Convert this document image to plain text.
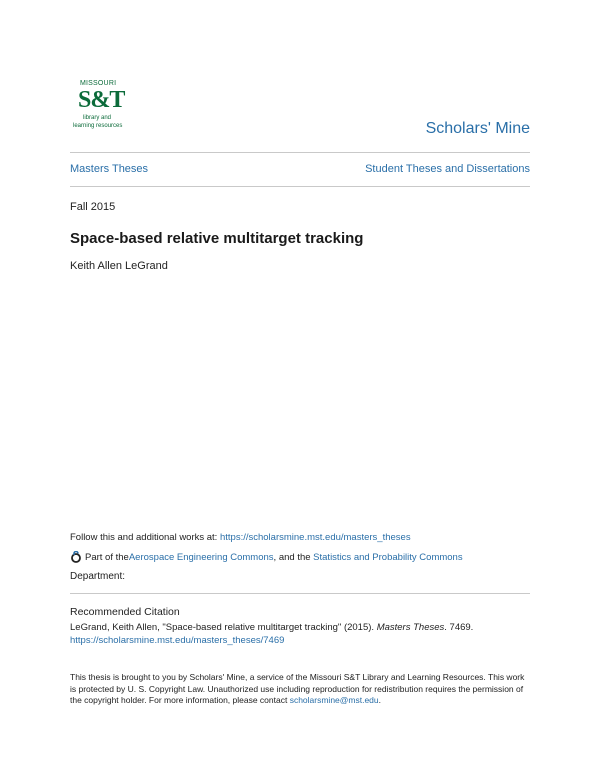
MISSOURI
S&T
library and
learning resources	Scholars' Mine
Masters Theses	Student Theses and Dissertations
Fall 2015
Space-based relative multitarget tracking
Keith Allen LeGrand
Follow this and additional works at: https://scholarsmine.mst.edu/masters_theses
Part of the Aerospace Engineering Commons , and the Statistics and Probability Commons
Department:
Recommended Citation
LeGrand, Keith Allen, "Space-based relative multitarget tracking" (2015). Masters Theses. 7469.
https://scholarsmine.mst.edu/masters_theses/7469
This thesis is brought to you by Scholars' Mine, a service of the Missouri S&T Library and Learning Resources. This work is protected by U. S. Copyright Law. Unauthorized use including reproduction for redistribution requires the permission of the copyright holder. For more information, please contact scholarsmine@mst.edu.
